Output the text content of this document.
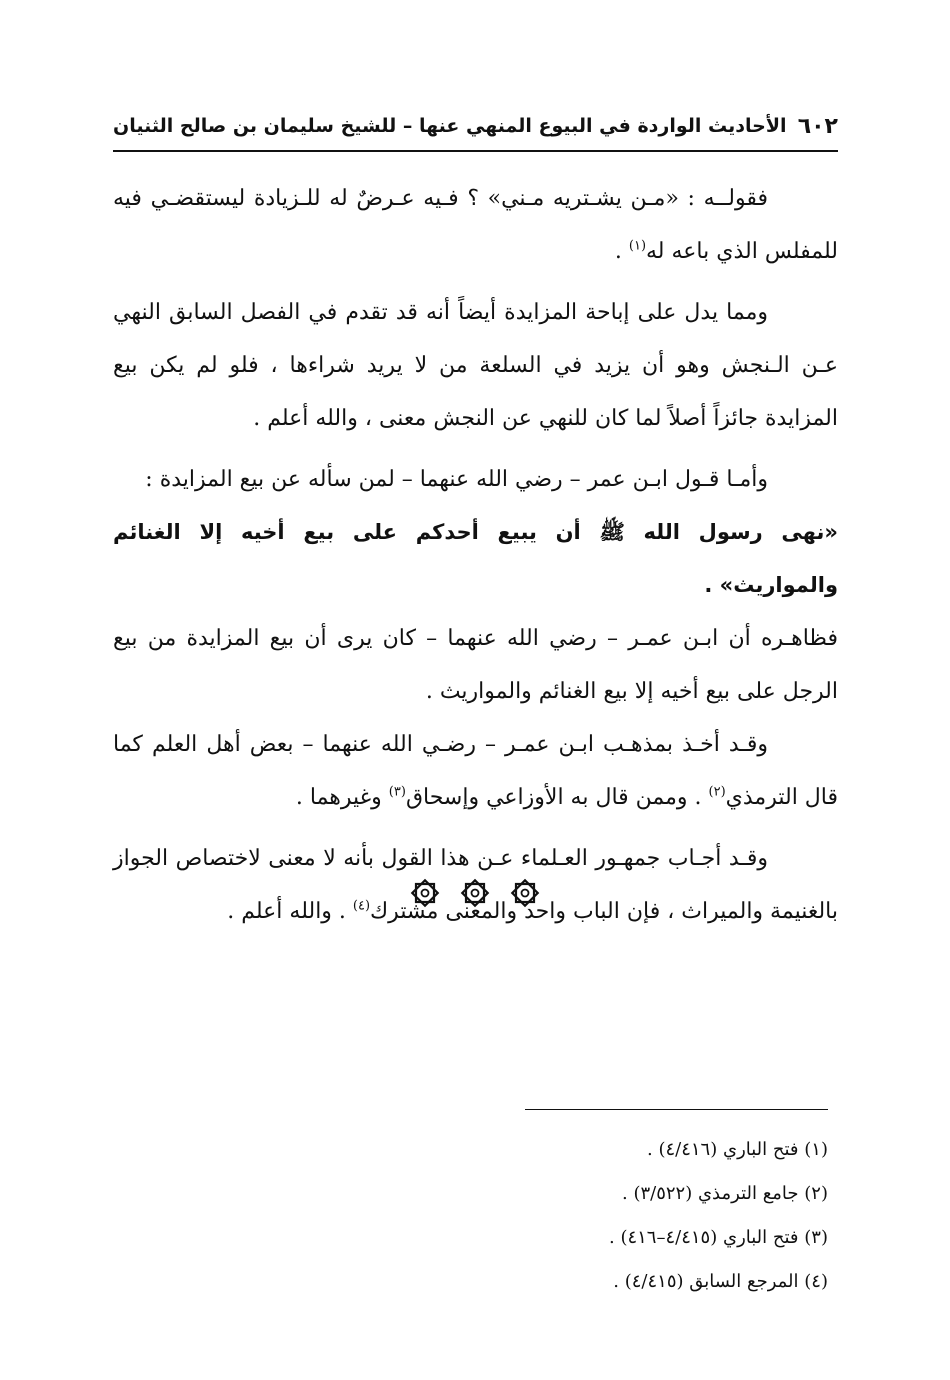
٦٠٢
الأحاديث الواردة في البيوع المنهي عنها – للشيخ سليمان بن صالح الثنيان

فقولــه : «مـن يشـتريه مـني» ؟ فـيه عـرضٌ له للـزيادة ليستقضـي فيه للمفلس الذي باعه له$^{(١)}$ .

ومما يدل على إباحة المزايدة أيضاً أنه قد تقدم في الفصل السابق النهي عـن الـنجش وهو أن يزيد في السلعة من لا يريد شراءها ، فلو لم يكن بيع المزايدة جائزاً أصلاً لما كان للنهي عن النجش معنى ، والله أعلم .

وأمـا قـول ابـن عمر – رضي الله عنهما – لمن سأله عن بيع المزايدة :

«نهى رسول الله ﷺ أن يبيع أحدكم على بيع أخيه إلا الغنائم والمواريث» .

فظاهـره أن ابـن عمـر – رضي الله عنهما – كان يرى أن بيع المزايدة من بيع الرجل على بيع أخيه إلا بيع الغنائم والمواريث .

وقـد أخـذ بمذهـب ابـن عمـر – رضـي الله عنهما – بعض أهل العلم كما قال الترمذي$^{(٢)}$ . وممن قال به الأوزاعي وإسحاق$^{(٣)}$ وغيرهما .

وقـد أجـاب جمهـور العـلماء عـن هذا القول بأنه لا معنى لاختصاص الجواز بالغنيمة والميراث ، فإن الباب واحد والمعنى مشترك$^{(٤)}$ . والله أعلم .

(١) فتح الباري (٤/٤١٦) .
(٢) جامع الترمذي (٣/٥٢٢) .
(٣) فتح الباري (٤/٤١٥–٤١٦) .
(٤) المرجع السابق (٤/٤١٥) .
